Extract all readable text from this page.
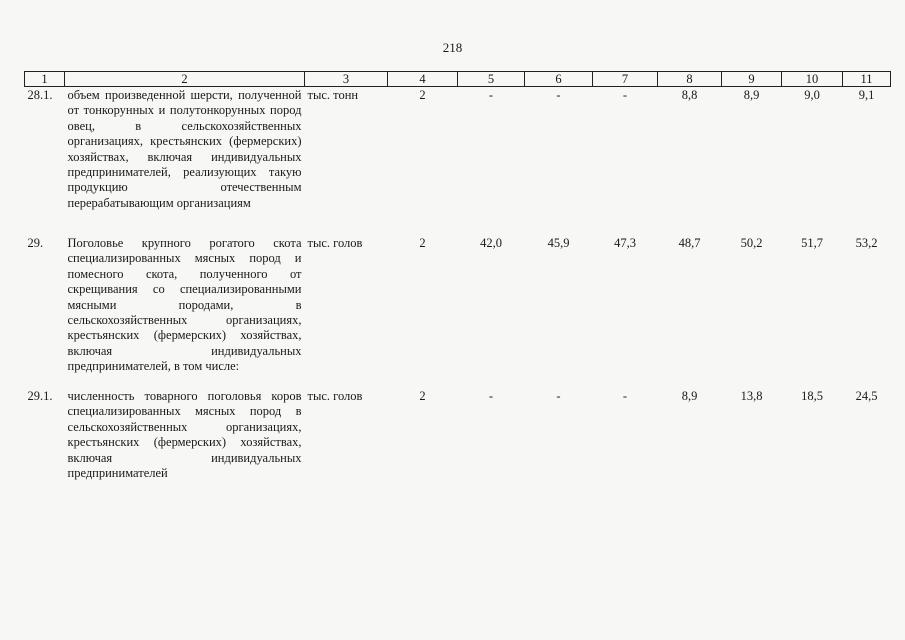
218
1	2	3	4	5	6	7	8	9	10	11
28.1.	объем произведенной шерсти, полученной от тонкорунных и полутонкорунных пород овец, в сельскохозяйственных организациях, крестьянских (фермерских) хозяйствах, включая индивидуальных предпринимателей, реализующих такую продукцию отечественным перерабатывающим организациям	тыс. тонн	2	-	-	-	8,8	8,9	9,0	9,1
29.	Поголовье крупного рогатого скота специализированных мясных пород и помесного скота, полученного от скрещивания со специализированными мясными породами, в сельскохозяйственных организациях, крестьянских (фермерских) хозяйствах, включая индивидуальных предпринимателей, в том числе:	тыс. голов	2	42,0	45,9	47,3	48,7	50,2	51,7	53,2
29.1.	численность товарного поголовья коров специализированных мясных пород в сельскохозяйственных организациях, крестьянских (фермерских) хозяйствах, включая индивидуальных предпринимателей	тыс. голов	2	-	-	-	8,9	13,8	18,5	24,5
